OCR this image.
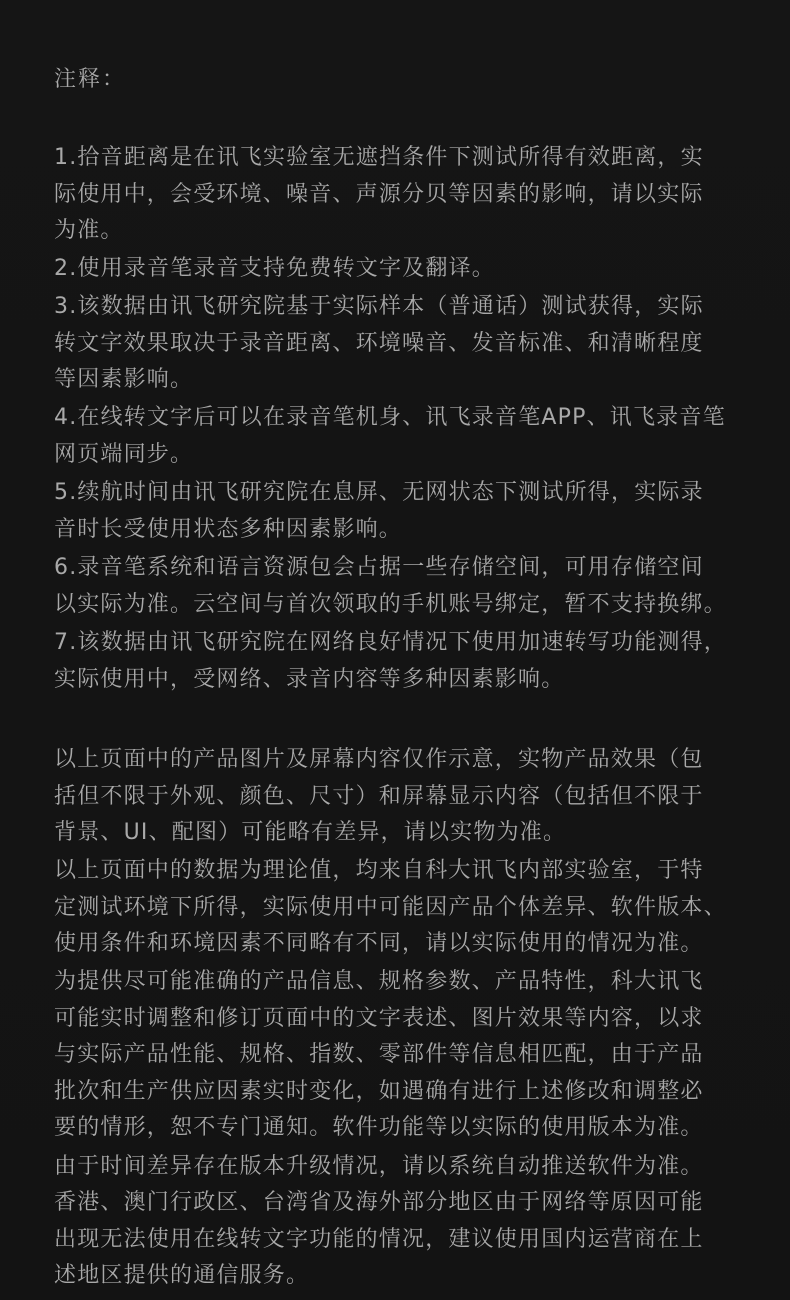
注释：

1.拾音距离是在讯飞实验室无遮挡条件下测试所得有效距离，实
际使用中，会受环境、噪音、声源分贝等因素的影响，请以实际
为准。

2.使用录音笔录音支持免费转文字及翻译。

3.该数据由讯飞研究院基于实际样本（普通话）测试获得，实际
转文字效果取决于录音距离、环境噪音、发音标准、和清晰程度
等因素影响。

4.在线转文字后可以在录音笔机身、讯飞录音笔APP、讯飞录音笔
网页端同步。

5.续航时间由讯飞研究院在息屏、无网状态下测试所得，实际录
音时长受使用状态多种因素影响。

6.录音笔系统和语言资源包会占据一些存储空间，可用存储空间
以实际为准。云空间与首次领取的手机账号绑定，暂不支持换绑。

7.该数据由讯飞研究院在网络良好情况下使用加速转写功能测得，
实际使用中，受网络、录音内容等多种因素影响。

以上页面中的产品图片及屏幕内容仅作示意，实物产品效果（包
括但不限于外观、颜色、尺寸）和屏幕显示内容（包括但不限于
背景、UI、配图）可能略有差异，请以实物为准。

以上页面中的数据为理论值，均来自科大讯飞内部实验室，于特
定测试环境下所得，实际使用中可能因产品个体差异、软件版本、
使用条件和环境因素不同略有不同，请以实际使用的情况为准。

为提供尽可能准确的产品信息、规格参数、产品特性，科大讯飞
可能实时调整和修订页面中的文字表述、图片效果等内容，以求
与实际产品性能、规格、指数、零部件等信息相匹配，由于产品
批次和生产供应因素实时变化，如遇确有进行上述修改和调整必
要的情形，恕不专门通知。软件功能等以实际的使用版本为准。

由于时间差异存在版本升级情况，请以系统自动推送软件为准。

香港、澳门行政区、台湾省及海外部分地区由于网络等原因可能
出现无法使用在线转文字功能的情况，建议使用国内运营商在上
述地区提供的通信服务。
